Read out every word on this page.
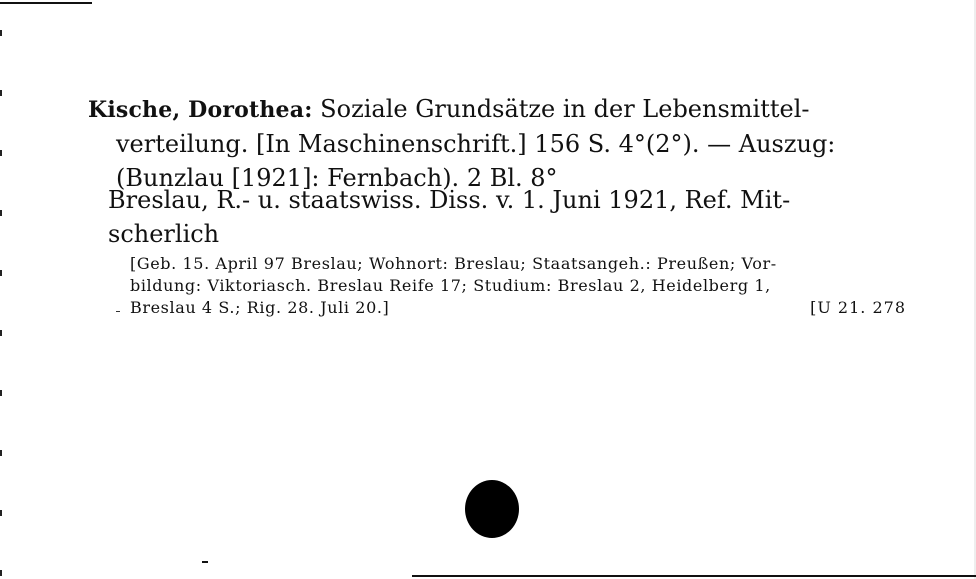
Kische, Dorothea: Soziale Grundsätze in der Lebensmittel-
verteilung. [In Maschinenschrift.] 156 S. 4°(2°). — Auszug:
(Bunzlau [1921]: Fernbach). 2 Bl. 8°
Breslau, R.- u. staatswiss. Diss. v. 1. Juni 1921, Ref. Mit-
scherlich
[Geb. 15. April 97 Breslau; Wohnort: Breslau; Staatsangeh.: Preußen; Vor-
bildung: Viktoriasch. Breslau Reife 17; Studium: Breslau 2, Heidelberg 1,
Breslau 4 S.; Rig. 28. Juli 20.]	[U 21. 278
